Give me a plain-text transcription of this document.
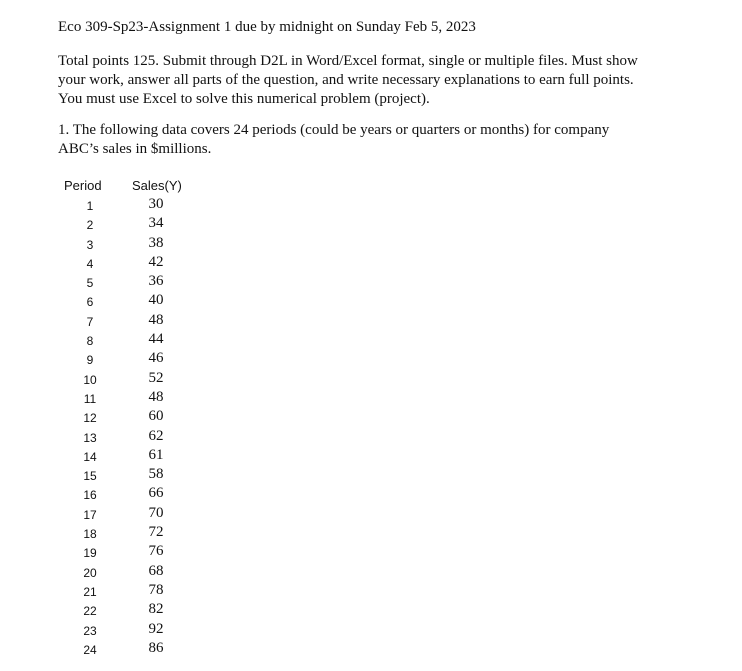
Eco 309-Sp23-Assignment 1 due by midnight on Sunday Feb 5, 2023
Total points 125. Submit through D2L in Word/Excel format, single or multiple files. Must show
your work, answer all parts of the question, and write necessary explanations to earn full points.
You must use Excel to solve this numerical problem (project).
1. The following data covers 24 periods (could be years or quarters or months) for company
ABC’s sales in $millions.
Period Sales(Y)
1	30
2	34
3	38
4	42
5	36
6	40
7	48
8	44
9	46
10	52
11	48
12	60
13	62
14	61
15	58
16	66
17	70
18	72
19	76
20	68
21	78
22	82
23	92
24	86
